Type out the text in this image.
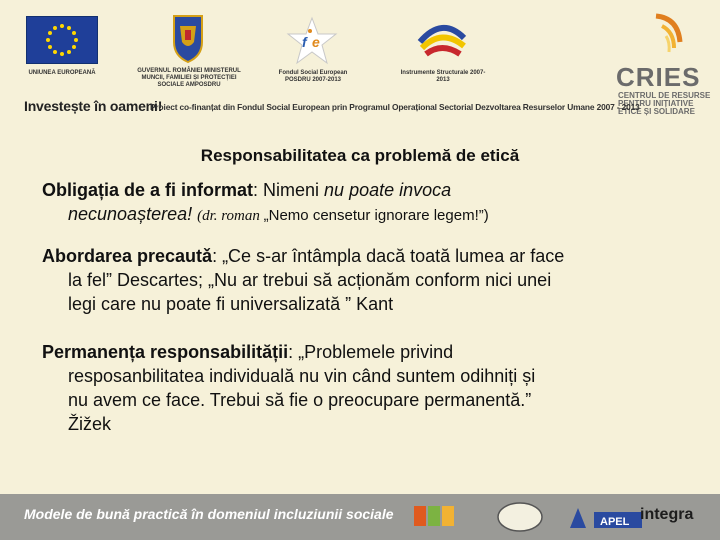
UNIUNEA EUROPEANĂ	GUVERNUL ROMÂNIEI MINISTERUL MUNCII, FAMILIEI ȘI PROTECȚIEI SOCIALE AMPOSDRU
f e
Fondul Social European POSDRU 2007-2013
Instrumente Structurale 2007-2013	CRIES
CENTRUL DE RESURSE PENTRU INIȚIATIVE ETICE ȘI SOLIDARE
Investește în oameni!
Proiect co-finanțat din Fondul Social European prin Programul Operațional Sectorial Dezvoltarea Resurselor Umane 2007 - 2013
Responsabilitatea ca problemă de etică
Obligația de a fi informat: Nimeni nu poate invoca
necunoașterea! (dr. roman „Nemo censetur ignorare legem!”)
Abordarea precautǎ: „Ce s-ar întâmpla dacă toată lumea ar face
la fel” Descartes; „Nu ar trebui să acționăm conform nici unei
legi care nu poate fi universalizată ” Kant
Permanența responsabilității: „Problemele privind
resposanbilitatea individuală nu vin când suntem odihniți și
nu avem ce face. Trebui să fie o preocupare permanentă.”
Žižek
Modele de bună practică în domeniul incluziunii sociale	APEL integra
